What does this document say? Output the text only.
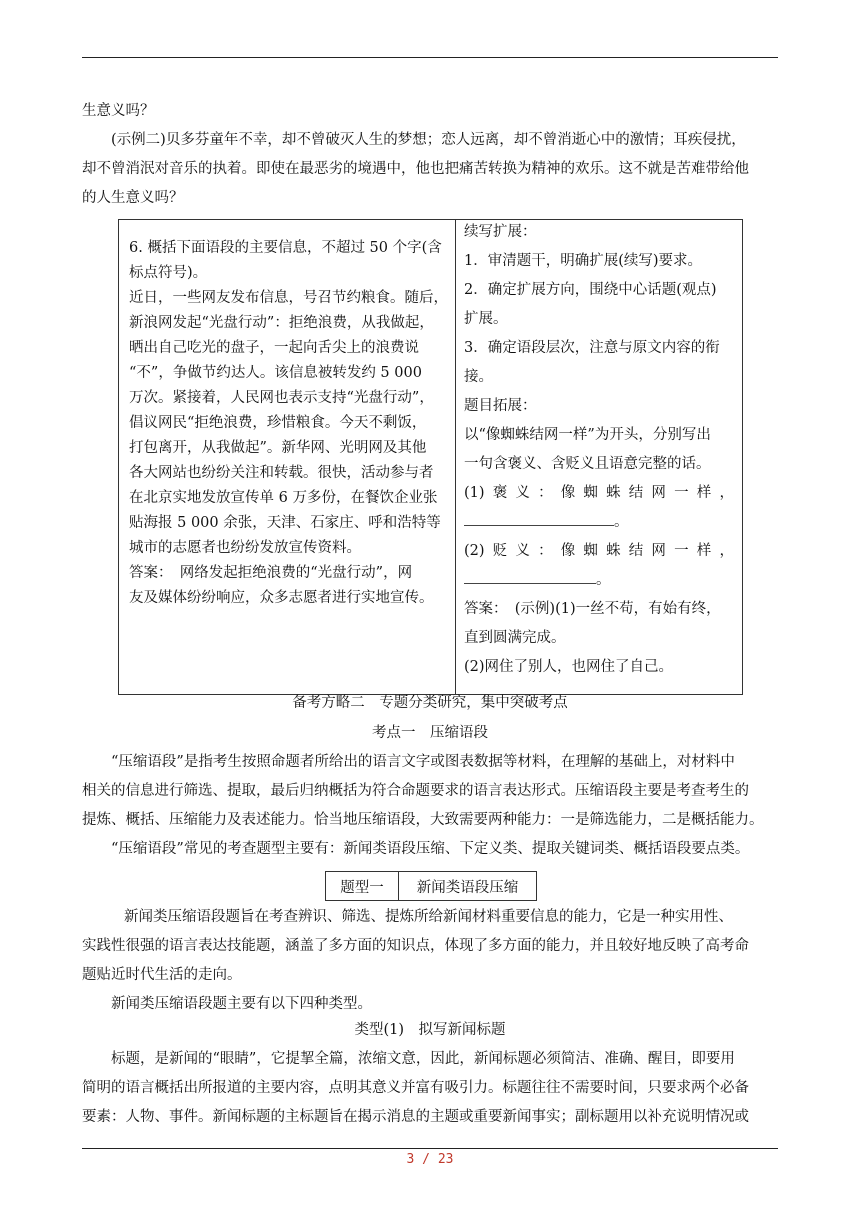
生意义吗？
(示例二)贝多芬童年不幸，却不曾破灭人生的梦想；恋人远离，却不曾消逝心中的激情；耳疾侵扰，
却不曾消泯对音乐的执着。即使在最恶劣的境遇中，他也把痛苦转换为精神的欢乐。这不就是苦难带给他
的人生意义吗？
6. 概括下面语段的主要信息，不超过 50 个字(含
标点符号)。
近日，一些网友发布信息，号召节约粮食。随后，
新浪网发起“光盘行动”：拒绝浪费，从我做起，
晒出自己吃光的盘子，一起向舌尖上的浪费说
“不”，争做节约达人。该信息被转发约 5 000
万次。紧接着，人民网也表示支持“光盘行动”，
倡议网民“拒绝浪费，珍惜粮食。今天不剩饭，
打包离开，从我做起”。新华网、光明网及其他
各大网站也纷纷关注和转载。很快，活动参与者
在北京实地发放宣传单 6 万多份，在餐饮企业张
贴海报 5 000 余张，天津、石家庄、呼和浩特等
城市的志愿者也纷纷发放宣传资料。
答案：　网络发起拒绝浪费的“光盘行动”，网
友及媒体纷纷响应，众多志愿者进行实地宣传。
续写扩展：
1．审清题干，明确扩展(续写)要求。
2．确定扩展方向，围绕中心话题(观点)
扩展。
3．确定语段层次，注意与原文内容的衔
接。
题目拓展：
以“像蜘蛛结网一样”为开头，分别写出
一句含褒义、含贬义且语意完整的话。
(1) 褒 义 ： 像 蜘 蛛 结 网 一 样 ，
。
(2) 贬 义 ： 像 蜘 蛛 结 网 一 样 ，
。
答案：　(示例)(1)一丝不苟，有始有终，
直到圆满完成。
(2)网住了别人，也网住了自己。
备考方略二　专题分类研究，集中突破考点
考点一　压缩语段
“压缩语段”是指考生按照命题者所给出的语言文字或图表数据等材料，在理解的基础上，对材料中
相关的信息进行筛选、提取，最后归纳概括为符合命题要求的语言表达形式。压缩语段主要是考查考生的
提炼、概括、压缩能力及表述能力。恰当地压缩语段，大致需要两种能力：一是筛选能力，二是概括能力。
“压缩语段”常见的考查题型主要有：新闻类语段压缩、下定义类、提取关键词类、概括语段要点类。
题型一	新闻类语段压缩
新闻类压缩语段题旨在考查辨识、筛选、提炼所给新闻材料重要信息的能力，它是一种实用性、
实践性很强的语言表达技能题，涵盖了多方面的知识点，体现了多方面的能力，并且较好地反映了高考命
题贴近时代生活的走向。
新闻类压缩语段题主要有以下四种类型。
类型(1)　拟写新闻标题
标题，是新闻的“眼睛”，它提挈全篇，浓缩文意，因此，新闻标题必须简洁、准确、醒目，即要用
简明的语言概括出所报道的主要内容，点明其意义并富有吸引力。标题往往不需要时间，只要求两个必备
要素：人物、事件。新闻标题的主标题旨在揭示消息的主题或重要新闻事实；副标题用以补充说明情况或
3 / 23
